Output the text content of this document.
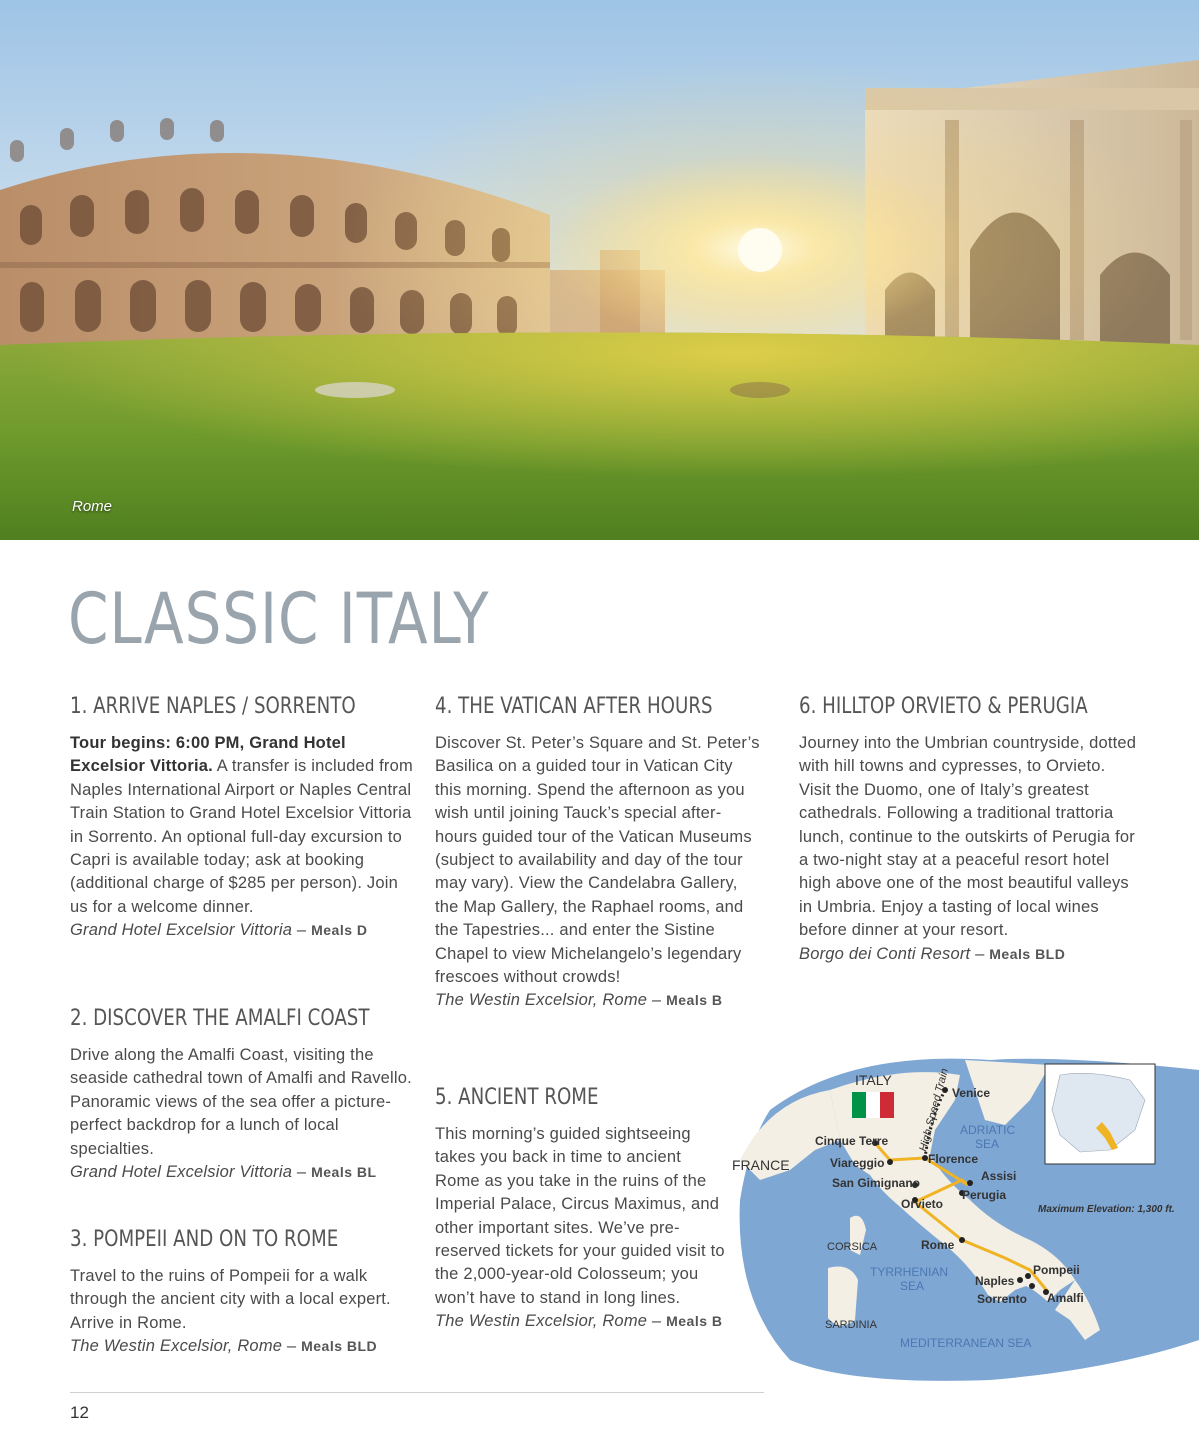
Rome
CLASSIC ITALY
1. ARRIVE NAPLES / SORRENTO

Tour begins: 6:00 PM, Grand Hotel Excelsior Vittoria. A transfer is included from Naples International Airport or Naples Central Train Station to Grand Hotel Excelsior Vittoria in Sorrento. An optional full-day excursion to Capri is available today; ask at booking (additional charge of $285 per person). Join us for a welcome dinner.
Grand Hotel Excelsior Vittoria – Meals D

2. DISCOVER THE AMALFI COAST

Drive along the Amalfi Coast, visiting the seaside cathedral town of Amalfi and Ravello. Panoramic views of the sea offer a picture-perfect backdrop for a lunch of local specialties.
Grand Hotel Excelsior Vittoria – Meals BL

3. POMPEII AND ON TO ROME

Travel to the ruins of Pompeii for a walk through the ancient city with a local expert. Arrive in Rome.
The Westin Excelsior, Rome – Meals BLD

4. THE VATICAN AFTER HOURS

Discover St. Peter’s Square and St. Peter’s Basilica on a guided tour in Vatican City this morning. Spend the afternoon as you wish until joining Tauck’s special after-hours guided tour of the Vatican Museums (subject to availability and day of the tour may vary). View the Candelabra Gallery, the Map Gallery, the Raphael rooms, and the Tapestries... and enter the Sistine Chapel to view Michelangelo’s legendary frescoes without crowds!
The Westin Excelsior, Rome – Meals B

5. ANCIENT ROME

This morning’s guided sightseeing takes you back in time to ancient Rome as you take in the ruins of the Imperial Palace, Circus Maximus, and other important sites. We’ve pre-reserved tickets for your guided visit to the 2,000-year-old Colosseum; you won’t have to stand in long lines.
The Westin Excelsior, Rome – Meals B

6. HILLTOP ORVIETO & PERUGIA

Journey into the Umbrian countryside, dotted with hill towns and cypresses, to Orvieto. Visit the Duomo, one of Italy’s greatest cathedrals. Following a traditional trattoria lunch, continue to the outskirts of Perugia for a two-night stay at a peaceful resort hotel high above one of the most beautiful valleys in Umbria. Enjoy a tasting of local wines before dinner at your resort.
Borgo dei Conti Resort – Meals BLD

ITALY High-Speed Train Venice
Cinque Terre
Florence
Viareggio
San Gimignano	Assisi
Perugia
Orvieto
Rome
Pompeii
Naples
Sorrento Amalfi
FRANCE
CORSICA
SARDINIA
ADRIATIC
SEA
TYRRHENIAN
SEA
MEDITERRANEAN SEA
Maximum Elevation: 1,300 ft.
12
